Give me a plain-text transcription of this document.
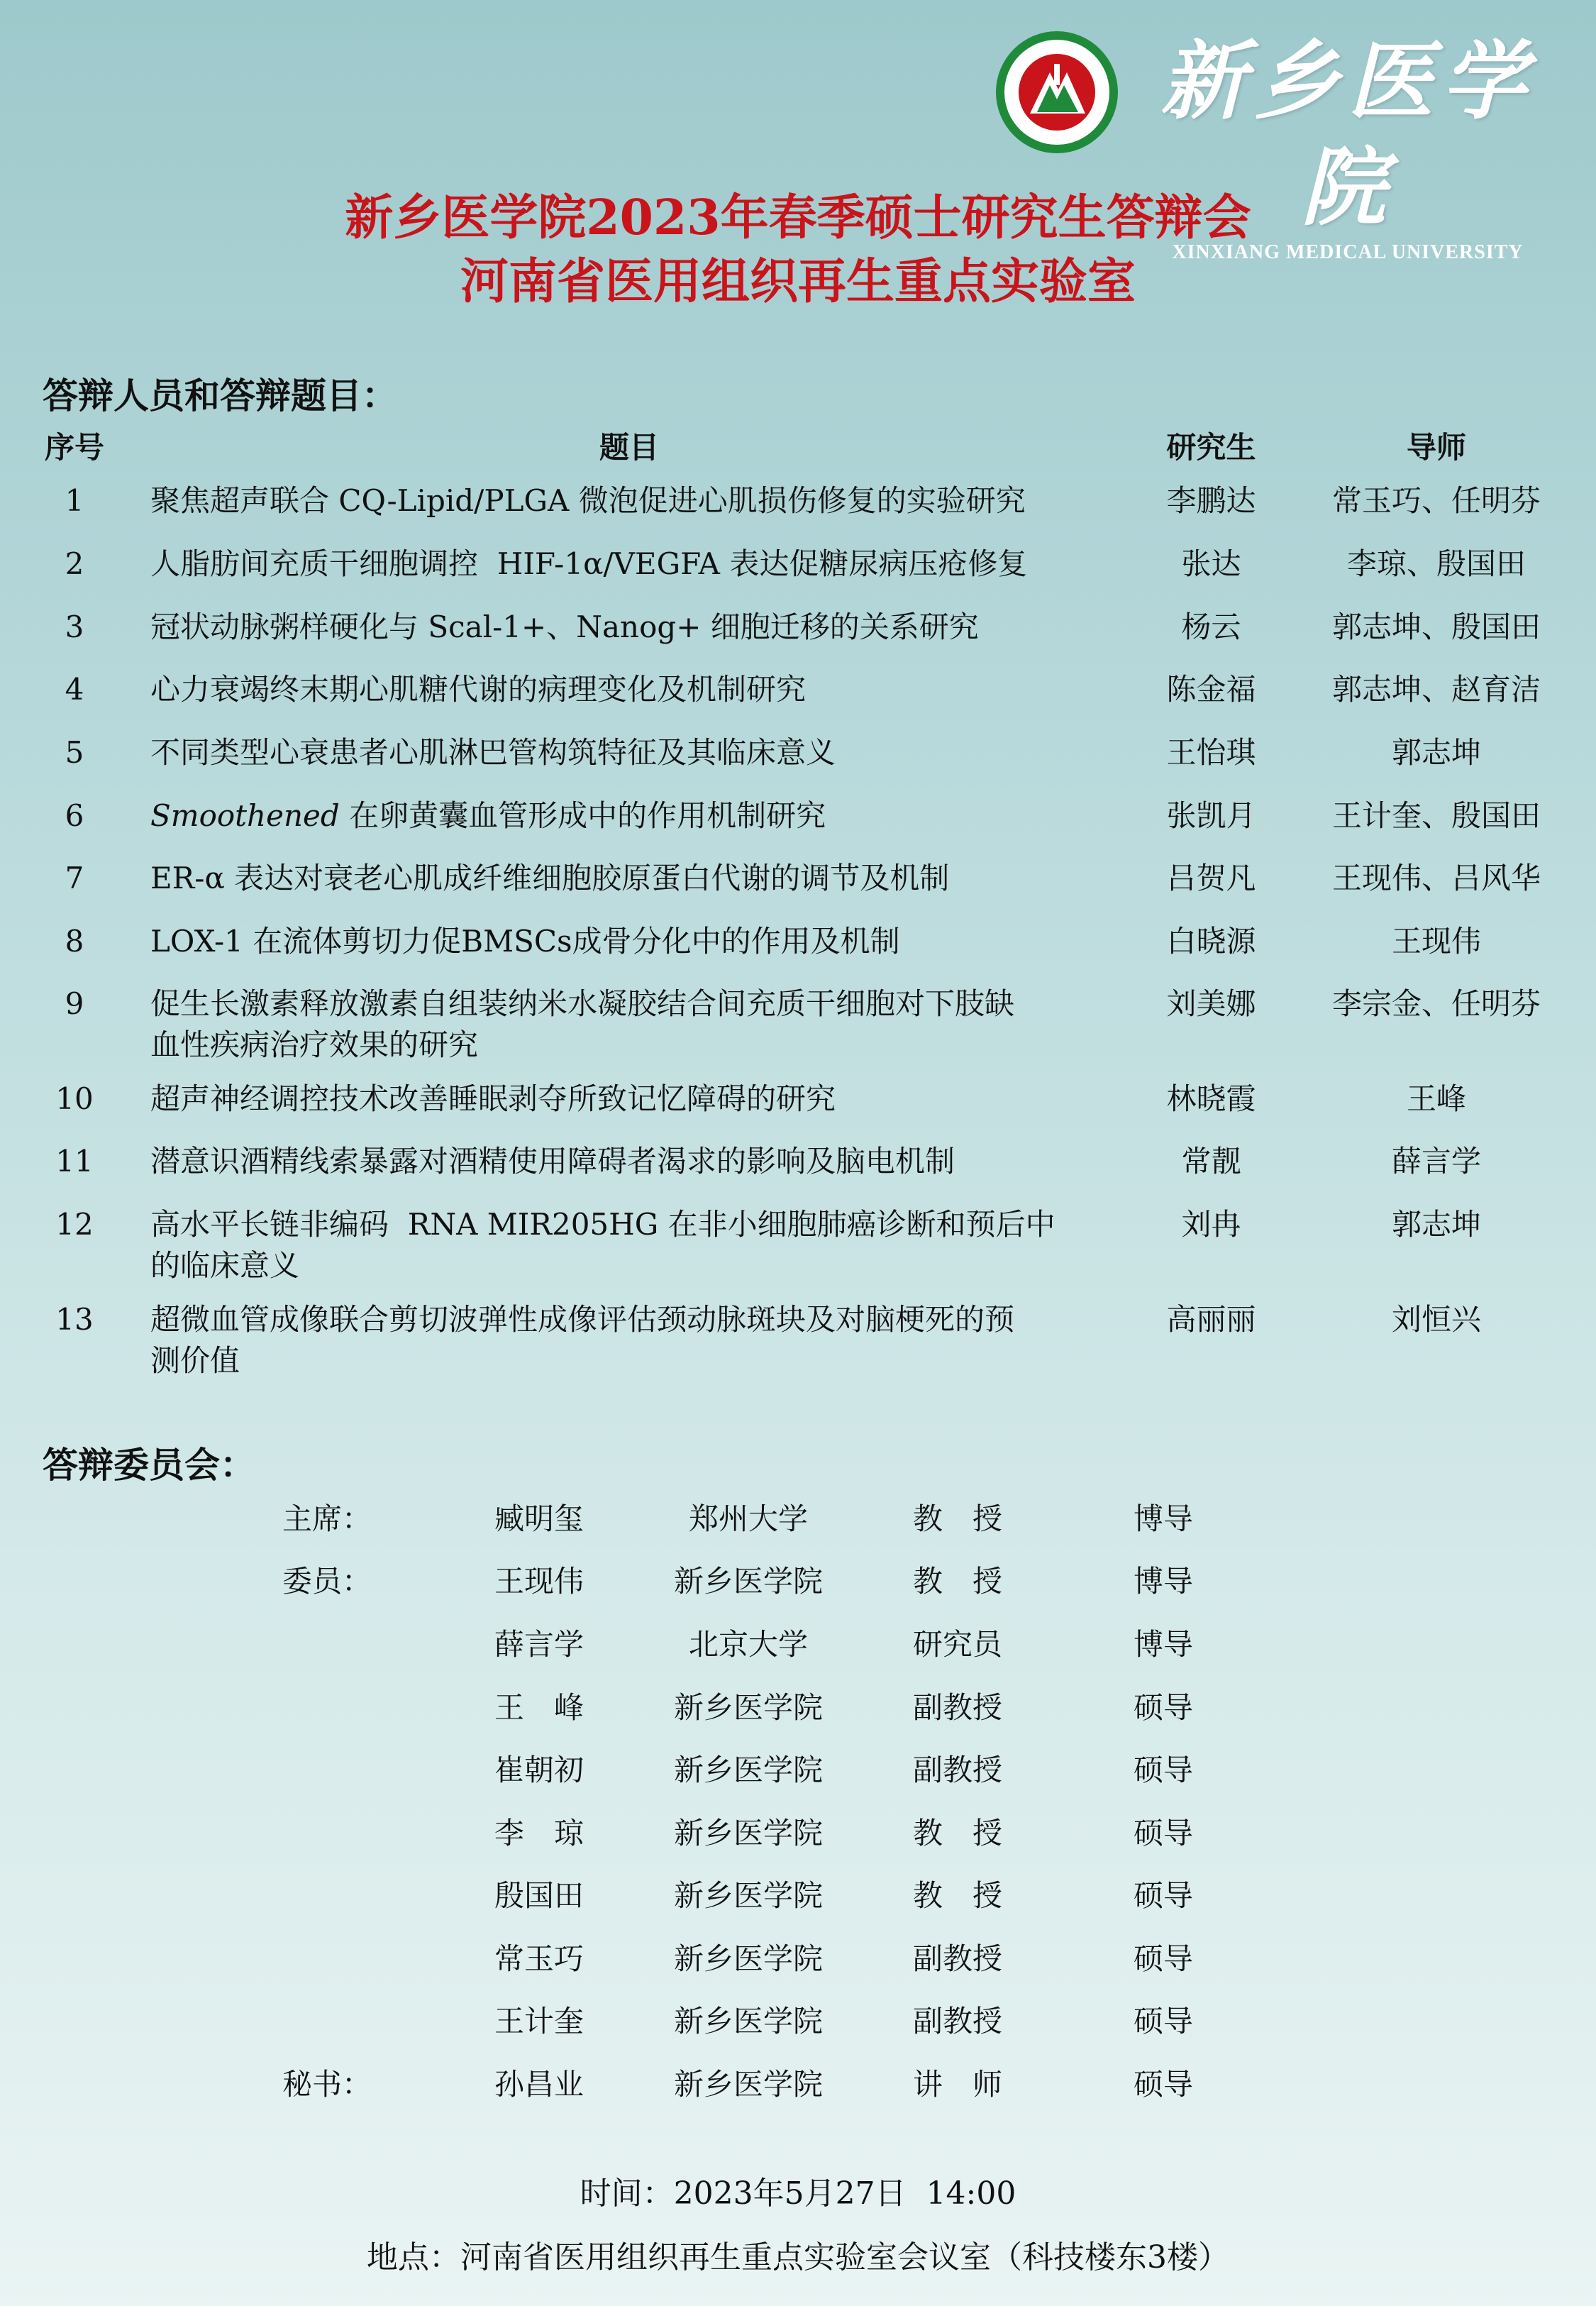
新乡医学院
XINXIANG MEDICAL UNIVERSITY
新乡医学院2023年春季硕士研究生答辩会
河南省医用组织再生重点实验室
答辩人员和答辩题目：
序号	题目	研究生	导师
1	聚焦超声联合 CQ-Lipid/PLGA 微泡促进心肌损伤修复的实验研究	李鹏达	常玉巧、任明芬
2	人脂肪间充质干细胞调控  HIF-1α/VEGFA 表达促糖尿病压疮修复	张达	李琼、殷国田
3	冠状动脉粥样硬化与 Scal-1+、Nanog+ 细胞迁移的关系研究	杨云	郭志坤、殷国田
4	心力衰竭终末期心肌糖代谢的病理变化及机制研究	陈金福	郭志坤、赵育洁
5	不同类型心衰患者心肌淋巴管构筑特征及其临床意义	王怡琪	郭志坤
6	Smoothened 在卵黄囊血管形成中的作用机制研究	张凯月	王计奎、殷国田
7	ER-α 表达对衰老心肌成纤维细胞胶原蛋白代谢的调节及机制	吕贺凡	王现伟、吕风华
8	LOX-1 在流体剪切力促BMSCs成骨分化中的作用及机制	白晓源	王现伟
9	促生长激素释放激素自组装纳米水凝胶结合间充质干细胞对下肢缺
血性疾病治疗效果的研究
刘美娜	李宗金、任明芬
10	超声神经调控技术改善睡眠剥夺所致记忆障碍的研究	林晓霞	王峰
11	潜意识酒精线索暴露对酒精使用障碍者渴求的影响及脑电机制	常靓	薛言学
12	高水平长链非编码  RNA MIR205HG 在非小细胞肺癌诊断和预后中
的临床意义
刘冉	郭志坤
13	超微血管成像联合剪切波弹性成像评估颈动脉斑块及对脑梗死的预
测价值
高丽丽	刘恒兴
答辩委员会：
主席：	臧明玺	郑州大学	教　授	博导
委员：	王现伟	新乡医学院	教　授	博导
薛言学	北京大学	研究员	博导
王　峰	新乡医学院	副教授	硕导
崔朝初	新乡医学院	副教授	硕导
李　琼	新乡医学院	教　授	硕导
殷国田	新乡医学院	教　授	硕导
常玉巧	新乡医学院	副教授	硕导
王计奎	新乡医学院	副教授	硕导
秘书：	孙昌业	新乡医学院	讲　师	硕导
时间：2023年5月27日  14:00
地点：河南省医用组织再生重点实验室会议室（科技楼东3楼）
